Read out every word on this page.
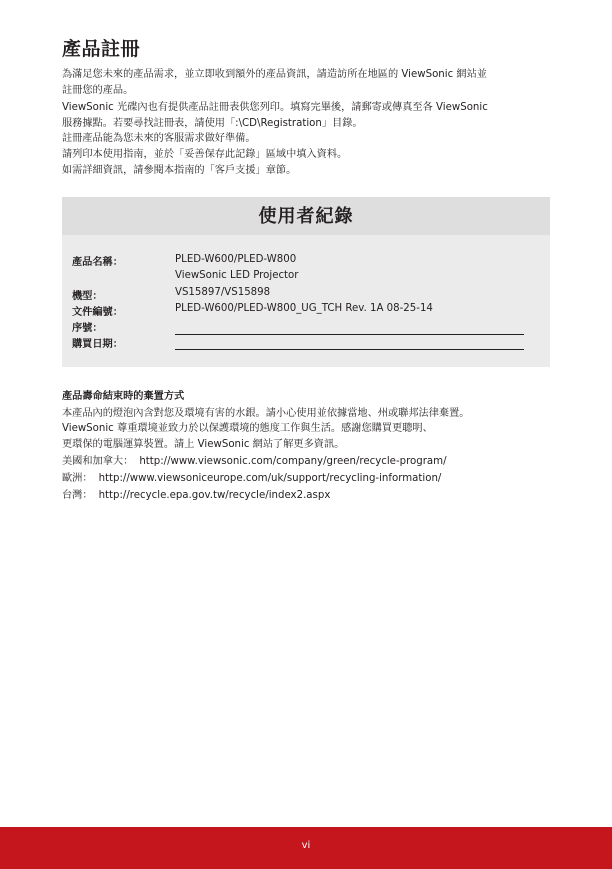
產品註冊

為滿足您未來的產品需求，並立即收到額外的產品資訊，請造訪所在地區的 ViewSonic 網站並

註冊您的產品。

ViewSonic 光碟內也有提供產品註冊表供您列印。填寫完畢後，請郵寄或傳真至各 ViewSonic

服務據點。若要尋找註冊表，請使用「:\CD\Registration」目錄。

註冊產品能為您未來的客服需求做好準備。

請列印本使用指南，並於「妥善保存此記錄」區域中填入資料。

如需詳細資訊，請參閱本指南的「客戶支援」章節。

使用者紀錄
產品名稱：	PLED-W600/PLED-W800
ViewSonic LED Projector
機型：	VS15897/VS15898
文件編號：	PLED-W600/PLED-W800_UG_TCH Rev. 1A 08-25-14
序號：
購買日期：

產品壽命結束時的棄置方式

本產品內的燈泡內含對您及環境有害的水銀。請小心使用並依據當地、州或聯邦法律棄置。

ViewSonic 尊重環境並致力於以保護環境的態度工作與生活。感謝您購買更聰明、

更環保的電腦運算裝置。請上 ViewSonic 網站了解更多資訊。

美國和加拿大： http://www.viewsonic.com/company/green/recycle-program/

歐洲： http://www.viewsoniceurope.com/uk/support/recycling-information/

台灣： http://recycle.epa.gov.tw/recycle/index2.aspx

vi
